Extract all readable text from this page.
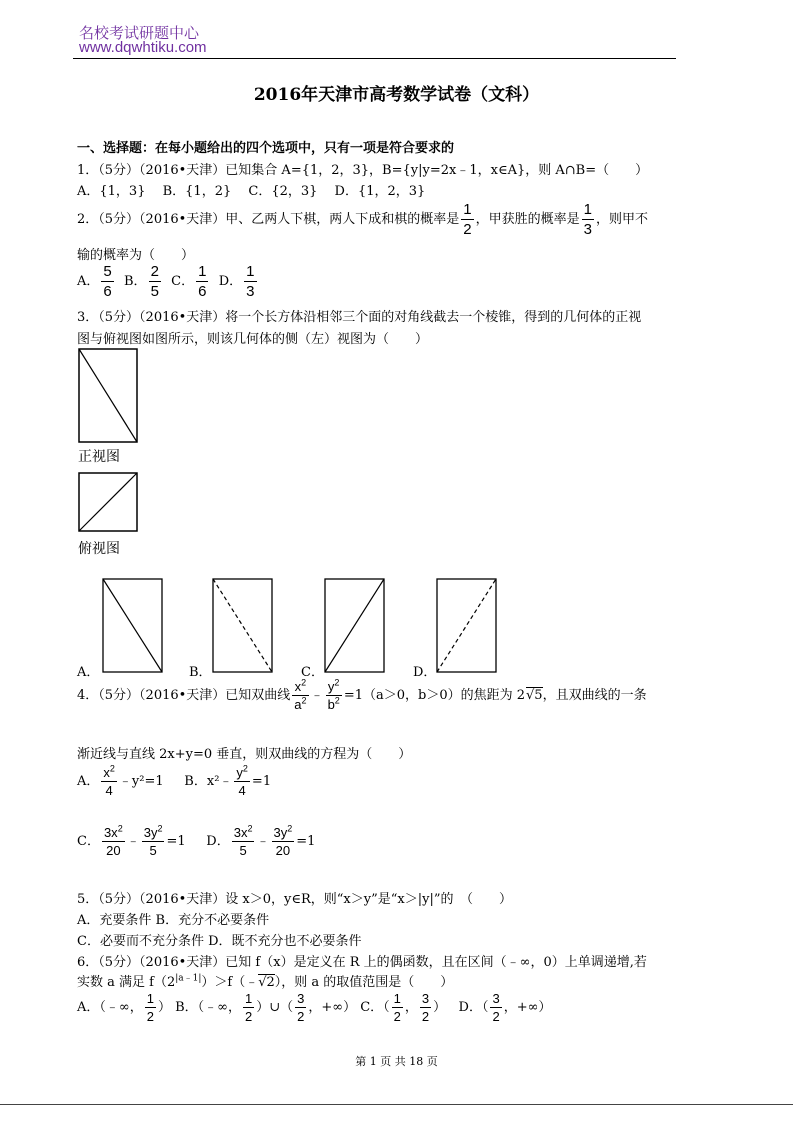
名校考试研题中心
www.dqwhtiku.com
2016年天津市高考数学试卷（文科）
一、选择题：在每小题给出的四个选项中，只有一项是符合要求的
1．（5分）（2016•天津）已知集合 A={1，2，3}，B={y|y=2x﹣1，x∈A}，则 A∩B=（　　）
A．{1，3}　 B．{1，2}　 C．{2，3}　 D．{1，2，3}
2．（5分）（2016•天津）甲、乙两人下棋，两人下成和棋的概率是 $\frac{1}{2}$ ，甲获胜的概率是 $\frac{1}{3}$ ，则甲不
输的概率为（　　）
A． $\frac{5}{6}$ B． $\frac{2}{5}$ C． $\frac{1}{6}$ D． $\frac{1}{3}$
3．（5分）（2016•天津）将一个长方体沿相邻三个面的对角线截去一个棱锥，得到的几何体的正视
图与俯视图如图所示，则该几何体的侧（左）视图为（　　）
正视图
俯视图
A．	B．	C．	D．
4．（5分）（2016•天津）已知双曲线 $\frac{x^2}{a^2}$ ﹣ $\frac{y^2}{b^2} =1(a>0$，b＞0）的焦距为 2√5，且双曲线的一条
渐近线与直线 2x+y=0 垂直，则双曲线的方程为（　　）
A． $\frac{x^2}{4}$ ﹣y²=1     B．x²﹣ $\frac{y^2}{4} =1$
C． $\frac{3x^2}{20}$ ﹣ $\frac{3y^2}{5} =1$     D． $\frac{3x^2}{5}$ ﹣ $\frac{3y^2}{20} =1$
5．（5分）（2016•天津）设 x＞0，y∈R，则“x＞y”是“x＞|y|”的　（　　）
A．充要条件 B．充分不必要条件
C．必要而不充分条件 D．既不充分也不必要条件
6．（5分）（2016•天津）已知 f（x）是定义在 R 上的偶函数，且在区间（﹣∞，0）上单调递增,若
实数 a 满足 $f(2^{|a﹣1|})>f(﹣√2)$，则 a 的取值范围是（　　）
A．（﹣∞， $\frac{1}{2}$ ） B．（﹣∞， $\frac{1}{2}$ ）∪（ $\frac{3}{2}$ ，+∞） C．（ $\frac{1}{2}$ ， $\frac{3}{2}$ ）   D．（ $\frac{3}{2}$ ，+∞）
第 1 页 共 18 页
